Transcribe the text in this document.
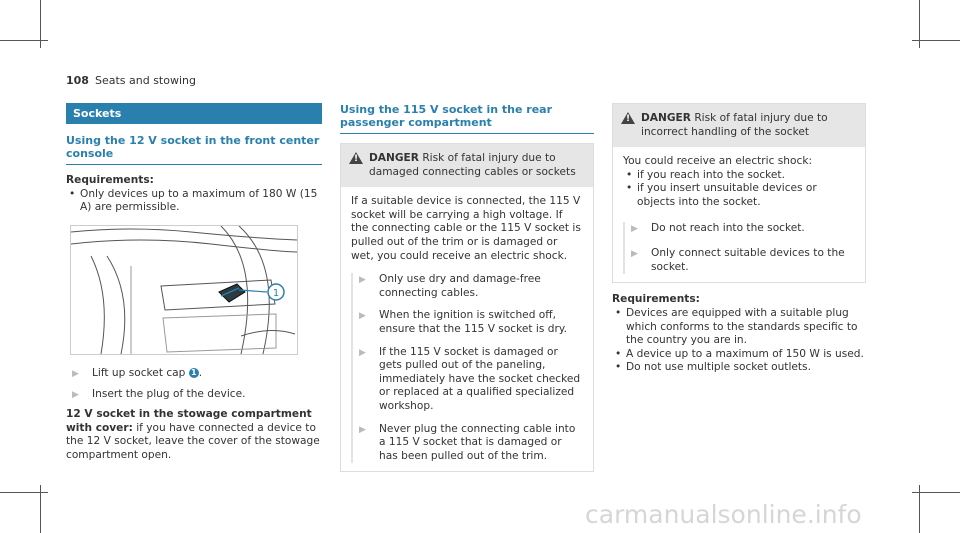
108 Seats and stowing
Sockets
Using the 12 V socket in the front center console
Requirements:
• Only devices up to a maximum of 180 W (15 A) are permissible.
1
▶ Lift up socket cap 1 .
▶ Insert the plug of the device.
12 V socket in the stowage compartment with cover: if you have connected a device to the 12 V socket, leave the cover of the stowage compartment open.
Using the 115 V socket in the rear passenger compartment
!
DANGER Risk of fatal injury due to damaged connecting cables or sockets
If a suitable device is connected, the 115 V socket will be carrying a high voltage. If the connecting cable or the 115 V socket is pulled out of the trim or is damaged or wet, you could receive an electric shock.
▶ Only use dry and damage-free connecting cables.
▶ When the ignition is switched off, ensure that the 115 V socket is dry.
▶ If the 115 V socket is damaged or gets pulled out of the paneling, immediately have the socket checked or replaced at a qualified specialized workshop.
▶ Never plug the connecting cable into a 115 V socket that is damaged or has been pulled out of the trim.
!
DANGER Risk of fatal injury due to incorrect handling of the socket
You could receive an electric shock:
• if you reach into the socket.
• if you insert unsuitable devices or objects into the socket.
▶ Do not reach into the socket.
▶ Only connect suitable devices to the socket.
Requirements:
• Devices are equipped with a suitable plug which conforms to the standards specific to the country you are in.
• A device up to a maximum of 150 W is used.
• Do not use multiple socket outlets.
carmanualsonline.info
